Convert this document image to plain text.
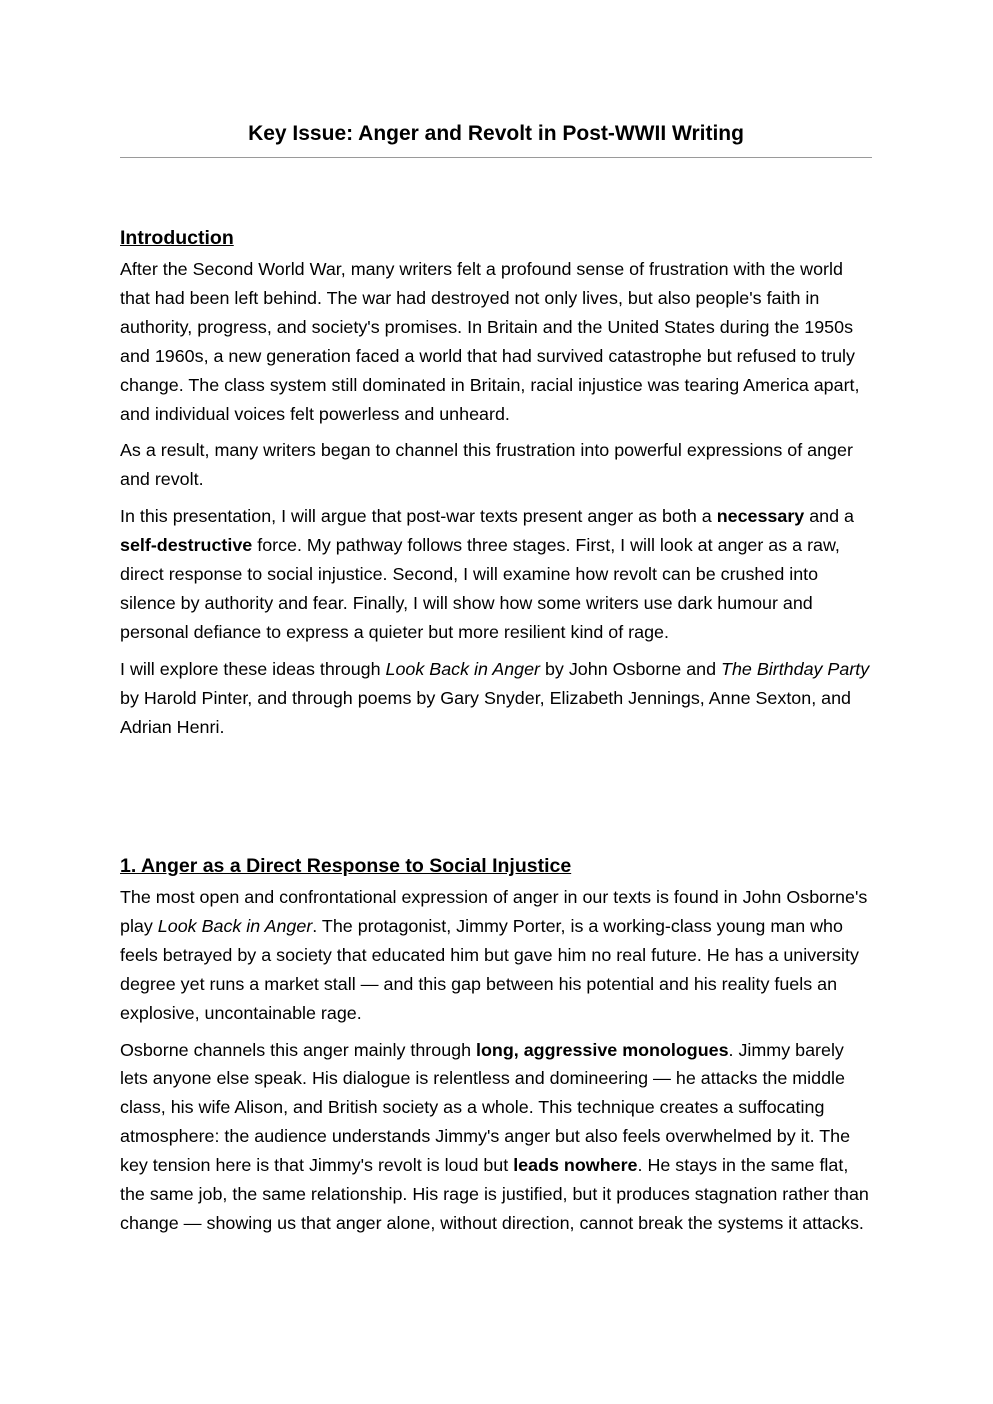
Key Issue: Anger and Revolt in Post-WWII Writing
Introduction

After the Second World War, many writers felt a profound sense of frustration with the world that had been left behind. The war had destroyed not only lives, but also people's faith in authority, progress, and society's promises. In Britain and the United States during the 1950s and 1960s, a new generation faced a world that had survived catastrophe but refused to truly change. The class system still dominated in Britain, racial injustice was tearing America apart, and individual voices felt powerless and unheard.

As a result, many writers began to channel this frustration into powerful expressions of anger and revolt.

In this presentation, I will argue that post-war texts present anger as both a necessary and a self-destructive force. My pathway follows three stages. First, I will look at anger as a raw, direct response to social injustice. Second, I will examine how revolt can be crushed into silence by authority and fear. Finally, I will show how some writers use dark humour and personal defiance to express a quieter but more resilient kind of rage.

I will explore these ideas through Look Back in Anger by John Osborne and The Birthday Party by Harold Pinter, and through poems by Gary Snyder, Elizabeth Jennings, Anne Sexton, and Adrian Henri.

1. Anger as a Direct Response to Social Injustice

The most open and confrontational expression of anger in our texts is found in John Osborne's play Look Back in Anger. The protagonist, Jimmy Porter, is a working-class young man who feels betrayed by a society that educated him but gave him no real future. He has a university degree yet runs a market stall — and this gap between his potential and his reality fuels an explosive, uncontainable rage.

Osborne channels this anger mainly through long, aggressive monologues. Jimmy barely lets anyone else speak. His dialogue is relentless and domineering — he attacks the middle class, his wife Alison, and British society as a whole. This technique creates a suffocating atmosphere: the audience understands Jimmy's anger but also feels overwhelmed by it. The key tension here is that Jimmy's revolt is loud but leads nowhere. He stays in the same flat, the same job, the same relationship. His rage is justified, but it produces stagnation rather than change — showing us that anger alone, without direction, cannot break the systems it attacks.
